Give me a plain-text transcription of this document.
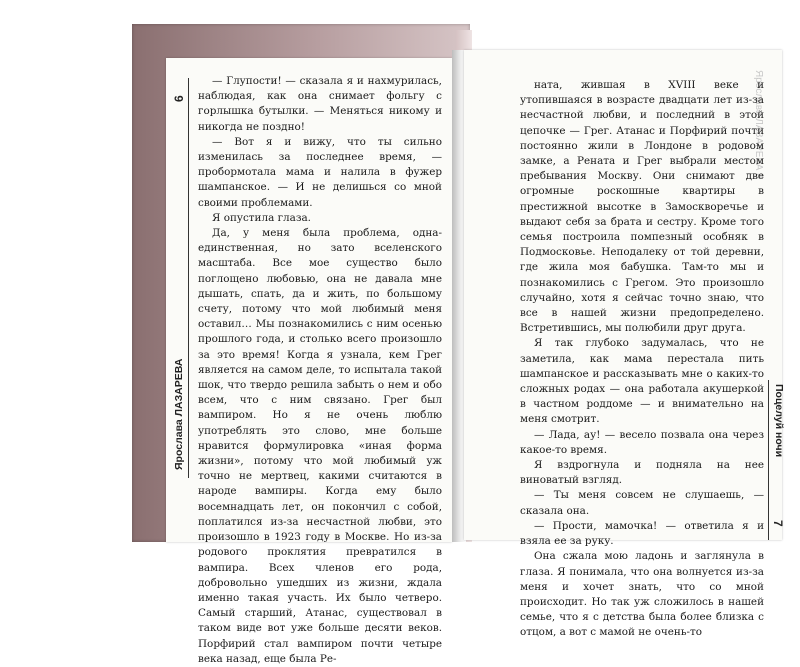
Ярослава ЛАЗАРЕВА
6

— Глупости! — сказала я и нахмурилась, наблюдая, как она снимает фольгу с горлышка бутылки. — Меняться никому и никогда не поздно!

— Вот я и вижу, что ты сильно изменилась за последнее время, — пробормотала мама и налила в фужер шампанское. — И не делишься со мной своими проблемами.

Я опустила глаза.

Да, у меня была проблема, одна-единственная, но зато вселенского масштаба. Все мое существо было поглощено любовью, она не давала мне дышать, спать, да и жить, по большому счету, потому что мой любимый меня оставил… Мы познакомились с ним осенью прошлого года, и столько всего произошло за это время! Когда я узнала, кем Грег является на самом деле, то испытала такой шок, что твердо решила забыть о нем и обо всем, что с ним связано. Грег был вампиром. Но я не очень люблю употреблять это слово, мне больше нравится формулировка «иная форма жизни», потому что мой любимый уж точно не мертвец, какими считаются в народе вампиры. Когда ему было восемнадцать лет, он покончил с собой, поплатился из-за несчастной любви, это произошло в 1923 году в Москве. Но из-за родового проклятия превратился в вампира. Всех членов его рода, добровольно ушедших из жизни, ждала именно такая участь. Их было четверо. Самый старший, Атанас, существовал в таком виде вот уже больше десяти веков. Порфирий стал вампиром почти четыре века назад, еще была Ре-

Ярослава ЛАЗАРЕВА 8

ната, жившая в XVIII веке и утопившаяся в возрасте двадцати лет из-за несчастной любви, и последний в этой цепочке — Грег. Атанас и Порфирий почти постоянно жили в Лондоне в родовом замке, а Рената и Грег выбрали местом пребывания Москву. Они снимают две огромные роскошные квартиры в престижной высотке в Замоскворечье и выдают себя за брата и сестру. Кроме того семья построила помпезный особняк в Подмосковье. Неподалеку от той деревни, где жила моя бабушка. Там-то мы и познакомились с Грегом. Это произошло случайно, хотя я сейчас точно знаю, что все в нашей жизни предопределено. Встретившись, мы полюбили друг друга.

Я так глубоко задумалась, что не заметила, как мама перестала пить шампанское и рассказывать мне о каких-то сложных родах — она работала акушеркой в частном роддоме — и внимательно на меня смотрит.

— Лада, ау! — весело позвала она через какое-то время.

Я вздрогнула и подняла на нее виноватый взгляд.

— Ты меня совсем не слушаешь, — сказала она.

— Прости, мамочка! — ответила я и взяла ее за руку.

Она сжала мою ладонь и заглянула в глаза. Я понимала, что она волнуется из-за меня и хочет знать, что со мной происходит. Но так уж сложилось в нашей семье, что я с детства была более близка с отцом, а вот с мамой не очень-то

Поцелуй ночи
7
